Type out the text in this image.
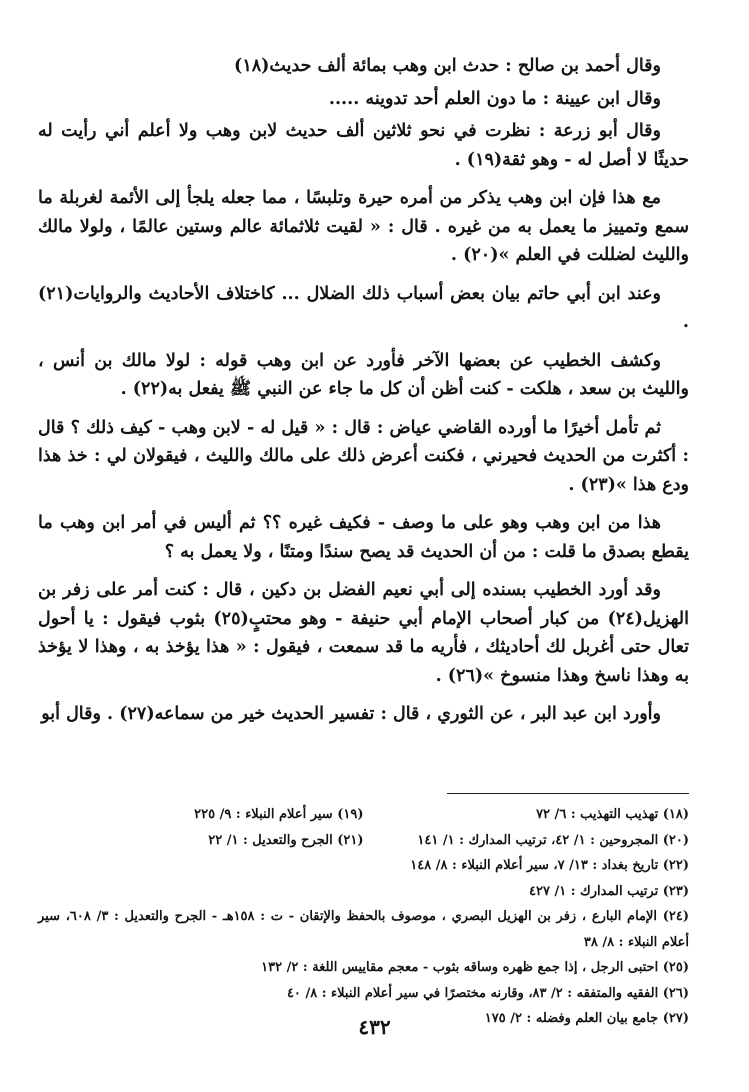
وقال أحمد بن صالح : حدث ابن وهب بمائة ألف حديث(١٨)

وقال ابن عيينة : ما دون العلم أحد تدوينه .....

وقال أبو زرعة : نظرت في نحو ثلاثين ألف حديث لابن وهب ولا أعلم أني رأيت له حديثًا لا أصل له - وهو ثقة(١٩) .

مع هذا فإن ابن وهب يذكر من أمره حيرة وتلبسًا ، مما جعله يلجأ إلى الأئمة لغربلة ما سمع وتمييز ما يعمل به من غيره . قال : « لقيت ثلاثمائة عالم وستين عالمًا ، ولولا مالك والليث لضللت في العلم »(٢٠) .

وعند ابن أبي حاتم بيان بعض أسباب ذلك الضلال ... كاختلاف الأحاديث والروايات(٢١) .

وكشف الخطيب عن بعضها الآخر فأورد عن ابن وهب قوله : لولا مالك بن أنس ، والليث بن سعد ، هلكت - كنت أظن أن كل ما جاء عن النبي ﷺ يفعل به(٢٢) .

ثم تأمل أخيرًا ما أورده القاضي عياض : قال : « قيل له - لابن وهب - كيف ذلك ؟ قال : أكثرت من الحديث فحيرني ، فكنت أعرض ذلك على مالك والليث ، فيقولان لي : خذ هذا ودع هذا »(٢٣) .

هذا من ابن وهب وهو على ما وصف - فكيف غيره ؟؟ ثم أليس في أمر ابن وهب ما يقطع بصدق ما قلت : من أن الحديث قد يصح سندًا ومتنًا ، ولا يعمل به ؟

وقد أورد الخطيب بسنده إلى أبي نعيم الفضل بن دكين ، قال : كنت أمر على زفر بن الهزيل(٢٤) من كبار أصحاب الإمام أبي حنيفة - وهو محتبٍ(٢٥) بثوب فيقول : يا أحول تعال حتى أغربل لك أحاديثك ، فأريه ما قد سمعت ، فيقول : « هذا يؤخذ به ، وهذا لا يؤخذ به وهذا ناسخ وهذا منسوخ »(٢٦) .

وأورد ابن عبد البر ، عن الثوري ، قال : تفسير الحديث خير من سماعه(٢٧) . وقال أبو

(١٨) تهذيب التهذيب : ٦/ ٧٢
(١٩) سير أعلام النبلاء : ٩/ ٢٢٥
(٢٠) المجروحين : ١/ ٤٢، ترتيب المدارك : ١/ ١٤١
(٢١) الجرح والتعديل : ١/ ٢٢
(٢٢) تاريخ بغداد : ١٣/ ٧، سير أعلام النبلاء : ٨/ ١٤٨
(٢٣) ترتيب المدارك : ١/ ٤٢٧
(٢٤) الإمام البارع ، زفر بن الهزيل البصري ، موصوف بالحفظ والإتقان - ت : ١٥٨هـ - الجرح والتعديل : ٣/ ٦٠٨، سير أعلام النبلاء : ٨/ ٣٨
(٢٥) احتبى الرجل ، إذا جمع ظهره وساقه بثوب - معجم مقاييس اللغة : ٢/ ١٣٢
(٢٦) الفقيه والمتفقه : ٢/ ٨٣، وقارنه مختصرًا في سير أعلام النبلاء : ٨/ ٤٠
(٢٧) جامع بيان العلم وفضله : ٢/ ١٧٥
٤٣٢
